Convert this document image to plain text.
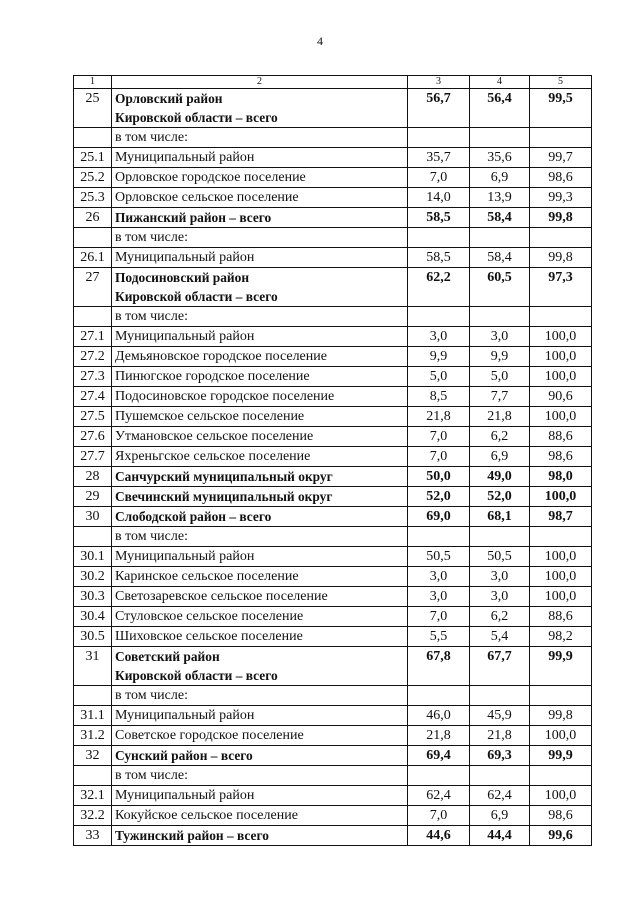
4
1	2	3	4	5
25	Орловский район
Кировской области – всего	56,7	56,4	99,5

	в том числе:			

25.1	Муниципальный район	35,7	35,6	99,7
25.2	Орловское городское поселение	7,0	6,9	98,6
25.3	Орловское сельское поселение	14,0	13,9	99,3
26	Пижанский район – всего	58,5	58,4	99,8

	в том числе:			

26.1	Муниципальный район	58,5	58,4	99,8
27	Подосиновский район
Кировской области – всего	62,2	60,5	97,3

	в том числе:			

27.1	Муниципальный район	3,0	3,0	100,0
27.2	Демьяновское городское поселение	9,9	9,9	100,0
27.3	Пинюгское городское поселение	5,0	5,0	100,0
27.4	Подосиновское городское поселение	8,5	7,7	90,6
27.5	Пушемское сельское поселение	21,8	21,8	100,0
27.6	Утмановское сельское поселение	7,0	6,2	88,6
27.7	Яхреньгское сельское поселение	7,0	6,9	98,6
28	Санчурский муниципальный округ	50,0	49,0	98,0
29	Свечинский муниципальный округ	52,0	52,0	100,0
30	Слободской район – всего	69,0	68,1	98,7

	в том числе:			

30.1	Муниципальный район	50,5	50,5	100,0
30.2	Каринское сельское поселение	3,0	3,0	100,0
30.3	Светозаревское сельское поселение	3,0	3,0	100,0
30.4	Стуловское сельское поселение	7,0	6,2	88,6
30.5	Шиховское сельское поселение	5,5	5,4	98,2
31	Советский район
Кировской области – всего	67,8	67,7	99,9

	в том числе:			

31.1	Муниципальный район	46,0	45,9	99,8
31.2	Советское городское поселение	21,8	21,8	100,0
32	Сунский район – всего	69,4	69,3	99,9

	в том числе:			

32.1	Муниципальный район	62,4	62,4	100,0
32.2	Кокуйское сельское поселение	7,0	6,9	98,6
33	Тужинский район – всего	44,6	44,4	99,6
